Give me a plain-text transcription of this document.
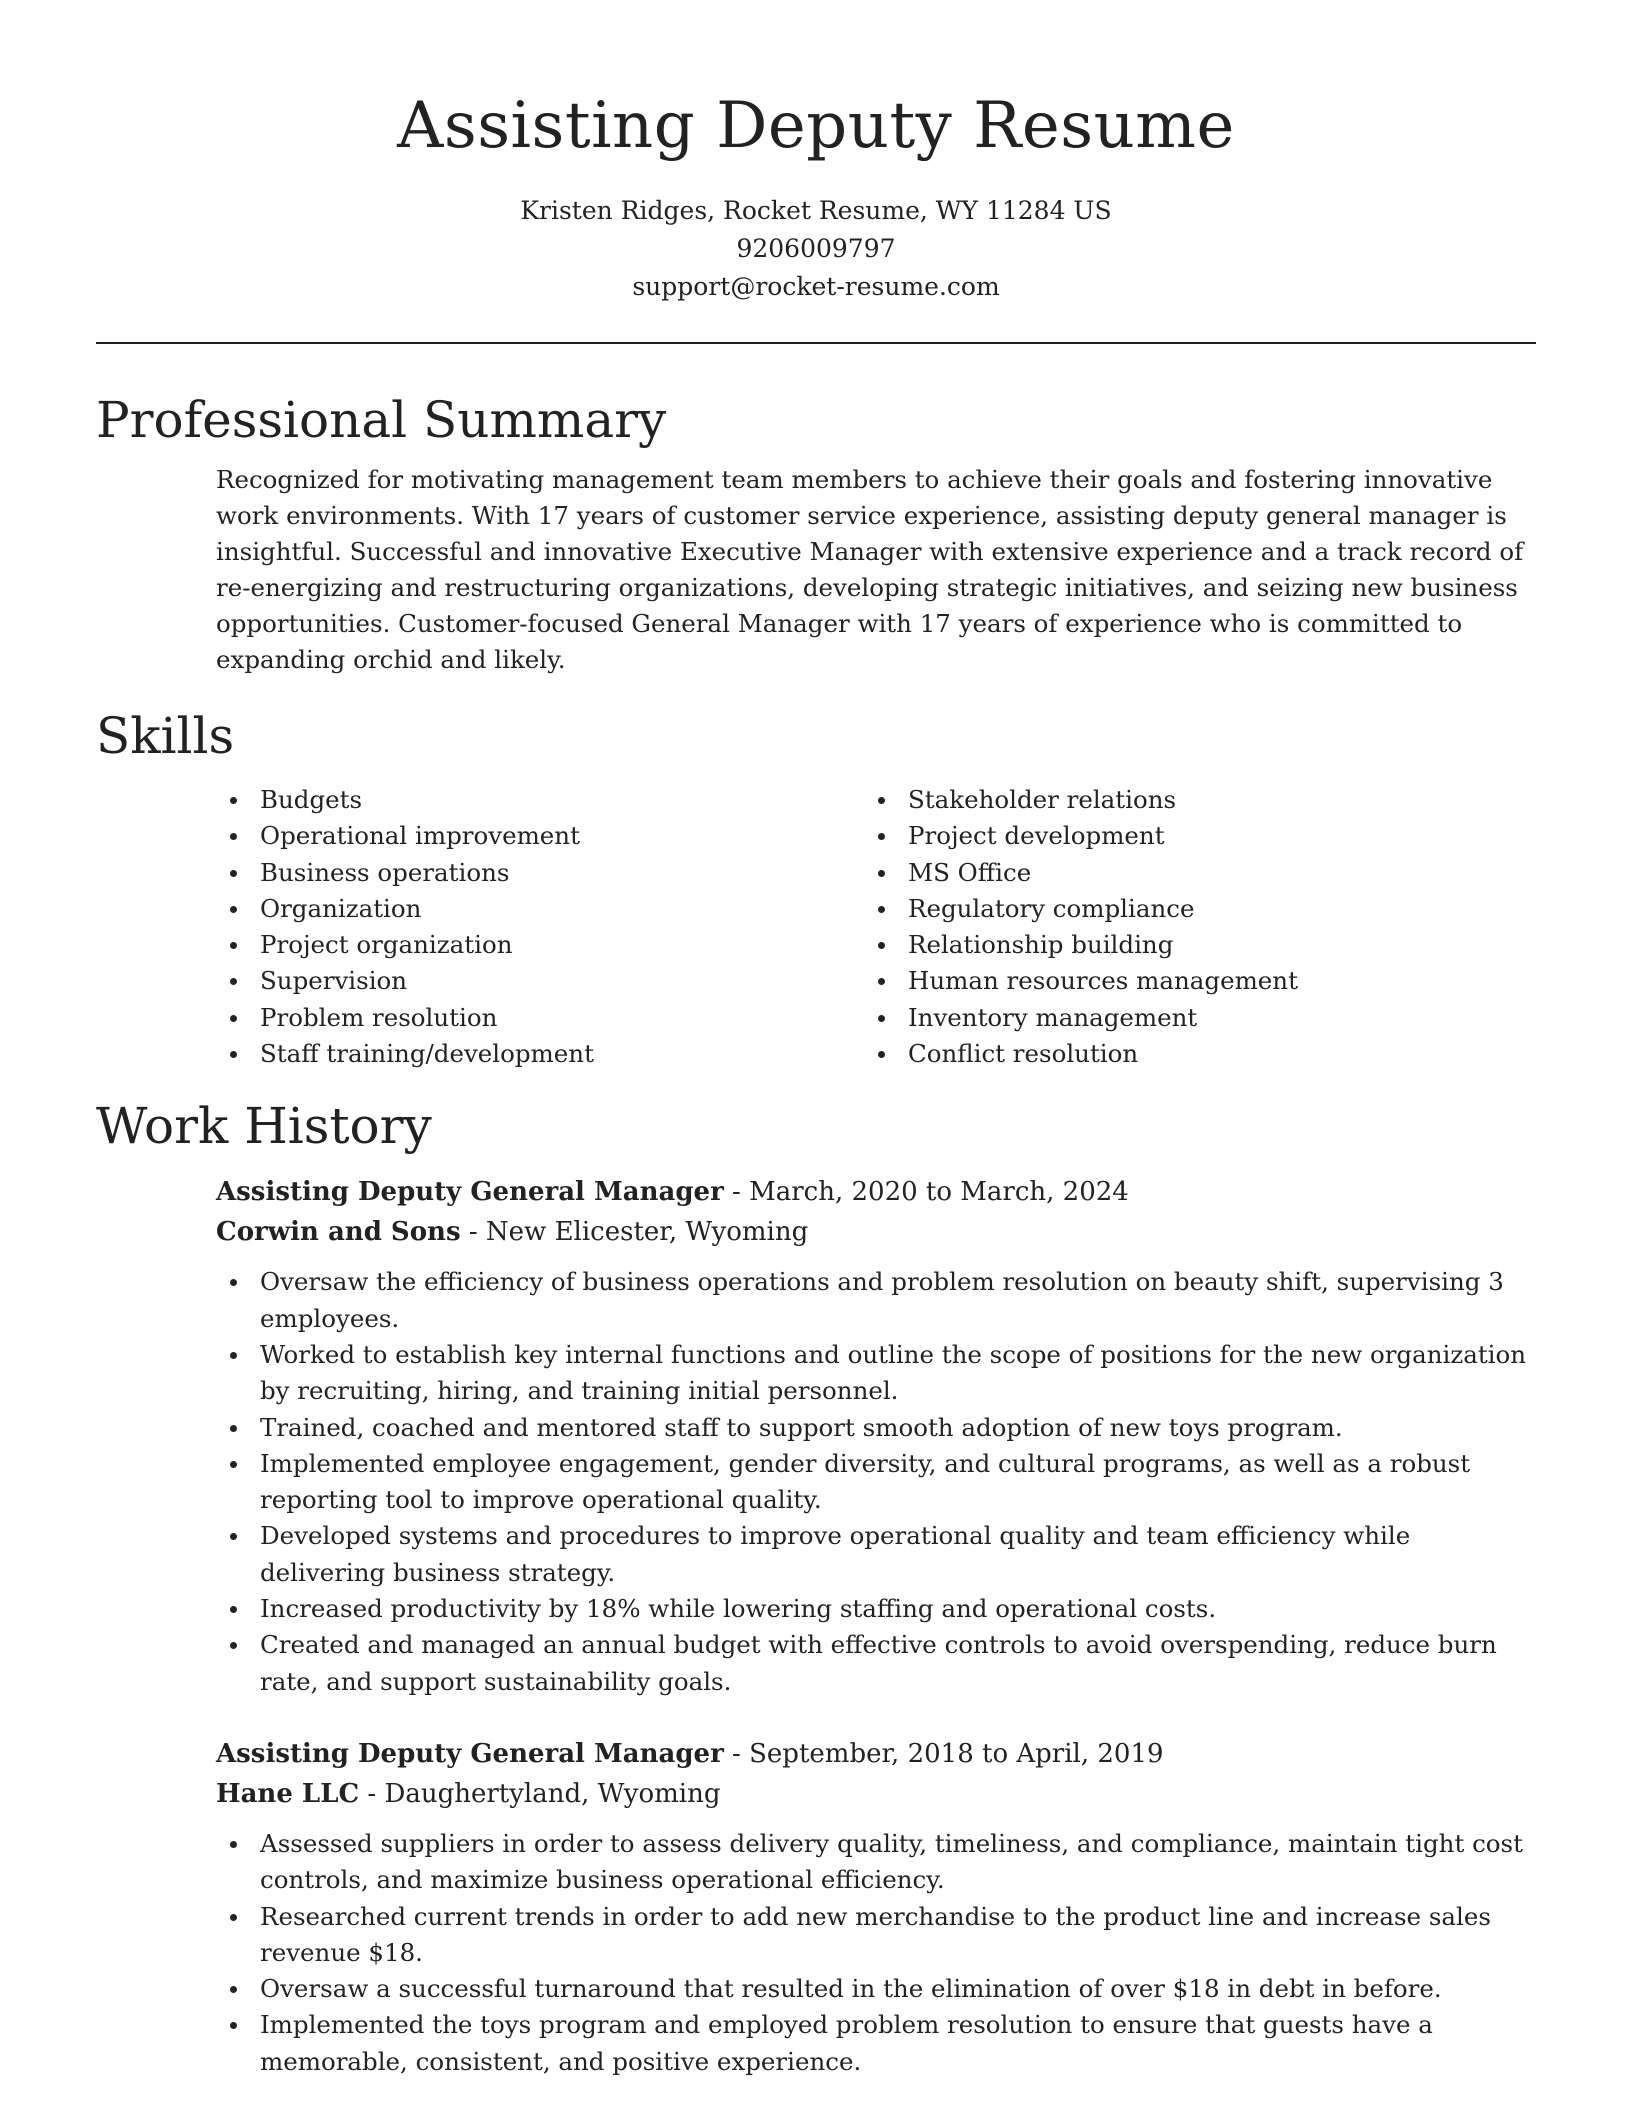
Assisting Deputy Resume

Kristen Ridges, Rocket Resume, WY 11284 US

9206009797

support@rocket-resume.com

Professional Summary

Recognized for motivating management team members to achieve their goals and fostering innovative work environments. With 17 years of customer service experience, assisting deputy general manager is insightful. Successful and innovative Executive Manager with extensive experience and a track record of re-energizing and restructuring organizations, developing strategic initiatives, and seizing new business opportunities. Customer-focused General Manager with 17 years of experience who is committed to expanding orchid and likely.

Skills
Budgets
Operational improvement
Business operations
Organization
Project organization
Supervision
Problem resolution
Staff training/development
Stakeholder relations
Project development
MS Office
Regulatory compliance
Relationship building
Human resources management
Inventory management
Conflict resolution
Work History

Assisting Deputy General Manager - March, 2020 to March, 2024

Corwin and Sons - New Elicester, Wyoming

Oversaw the efficiency of business operations and problem resolution on beauty shift, supervising 3 employees.
Worked to establish key internal functions and outline the scope of positions for the new organization by recruiting, hiring, and training initial personnel.
Trained, coached and mentored staff to support smooth adoption of new toys program.
Implemented employee engagement, gender diversity, and cultural programs, as well as a robust reporting tool to improve operational quality.
Developed systems and procedures to improve operational quality and team efficiency while delivering business strategy.
Increased productivity by 18% while lowering staffing and operational costs.
Created and managed an annual budget with effective controls to avoid overspending, reduce burn rate, and support sustainability goals.

Assisting Deputy General Manager - September, 2018 to April, 2019

Hane LLC - Daughertyland, Wyoming

Assessed suppliers in order to assess delivery quality, timeliness, and compliance, maintain tight cost controls, and maximize business operational efficiency.
Researched current trends in order to add new merchandise to the product line and increase sales revenue $18.
Oversaw a successful turnaround that resulted in the elimination of over $18 in debt in before.
Implemented the toys program and employed problem resolution to ensure that guests have a memorable, consistent, and positive experience.
